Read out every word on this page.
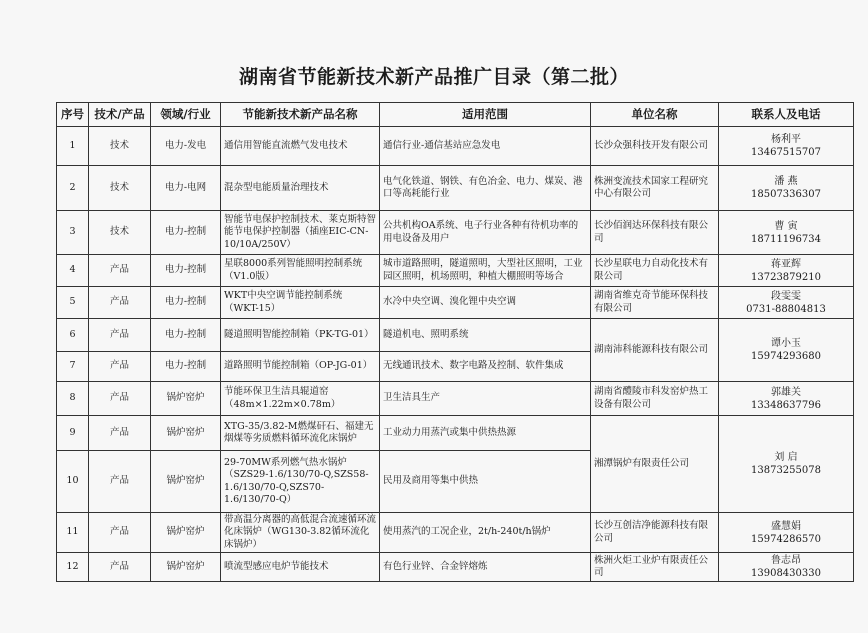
湖南省节能新技术新产品推广目录（第二批）
序号	技术/产品	领域/行业	节能新技术新产品名称	适用范围	单位名称	联系人及电话
1	技术	电力-发电	通信用智能直流燃气发电技术	通信行业-通信基站应急发电	长沙众强科技开发有限公司	杨利平
13467515707

2	技术	电力-电网	混杂型电能质量治理技术	电气化铁道、钢铁、有色冶金、电力、煤炭、港口等高耗能行业	株洲变流技术国家工程研究中心有限公司	潘 燕
18507336307

3	技术	电力-控制	智能节电保护控制技术、莱克斯特智能节电保护控制器（插座EIC-CN-10/10A/250V）	公共机构OA系统、电子行业各种有待机功率的用电设备及用户	长沙佰润达环保科技有限公司	曹 寅
18711196734

4	产品	电力-控制	星联8000系列智能照明控制系统（V1.0版）	城市道路照明，隧道照明，大型社区照明，工业园区照明，机场照明，种植大棚照明等场合	长沙星联电力自动化技术有限公司	蒋亚辉
13723879210

5	产品	电力-控制	WKT中央空调节能控制系统（WKT-15）	水冷中央空调、溴化锂中央空调	湖南省维克奇节能环保科技有限公司	段雯雯
0731-88804813

6	产品	电力-控制	隧道照明智能控制箱（PK-TG-01）	隧道机电、照明系统	湖南沛科能源科技有限公司	谭小玉
15974293680

7	产品	电力-控制	道路照明节能控制箱（OP-JG-01）	无线通讯技术、数字电路及控制、软件集成		
8	产品	锅炉窑炉	节能环保卫生洁具辊道窑（48m×1.22m×0.78m）	卫生洁具生产	湖南省醴陵市科发窑炉热工设备有限公司	郭雄关
13348637796

9	产品	锅炉窑炉	XTG-35/3.82-M燃煤矸石、福建无烟煤等劣质燃料循环流化床锅炉	工业动力用蒸汽或集中供热热源	湘潭锅炉有限责任公司	刘 启
13873255078

10	产品	锅炉窑炉	29-70MW系列燃气热水锅炉（SZS29-1.6/130/70-Q,SZS58-1.6/130/70-Q,SZS70-1.6/130/70-Q）	民用及商用等集中供热		
11	产品	锅炉窑炉	带高温分离器的高低混合流速循环流化床锅炉（WG130-3.82循环流化床锅炉）	使用蒸汽的工况企业，2t/h-240t/h锅炉	长沙互创洁净能源科技有限公司	盛慧娟
15974286570

12	产品	锅炉窑炉	喷流型感应电炉节能技术	有色行业锌、合金锌熔炼	株洲火炬工业炉有限责任公司	鲁志昂
13908430330
